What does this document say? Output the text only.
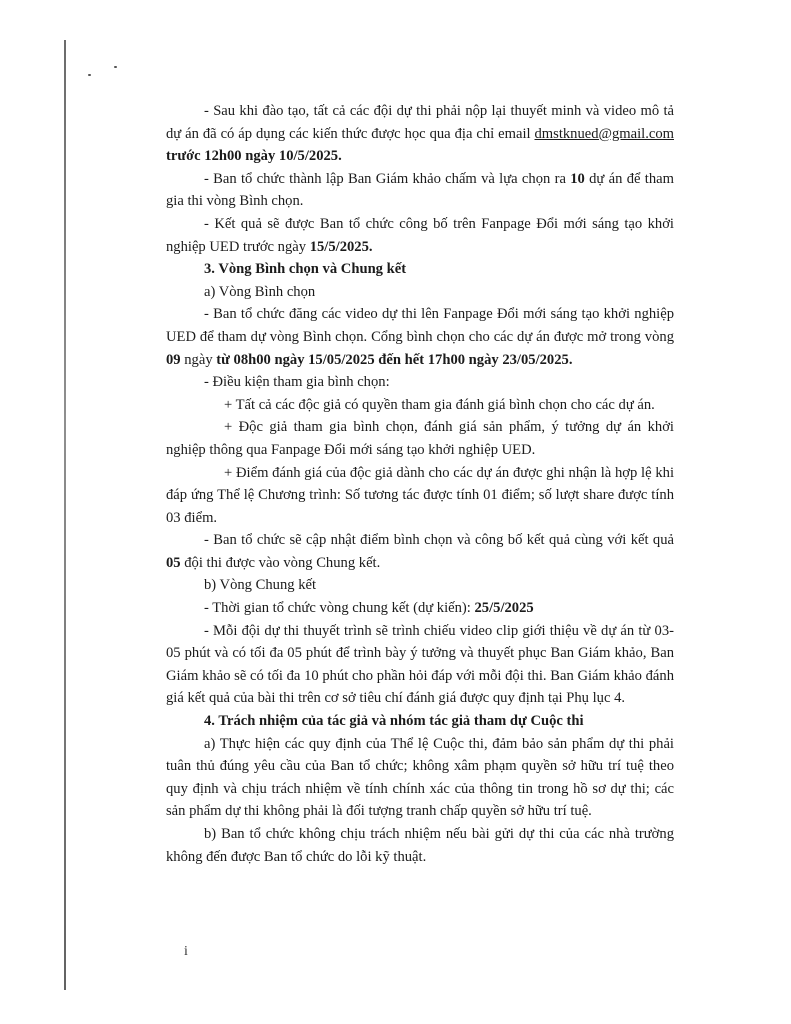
- Sau khi đào tạo, tất cả các đội dự thi phải nộp lại thuyết minh và video mô tả dự án đã có áp dụng các kiến thức được học qua địa chỉ email dmstknued@gmail.com trước 12h00 ngày 10/5/2025.

- Ban tổ chức thành lập Ban Giám khảo chấm và lựa chọn ra 10 dự án để tham gia thi vòng Bình chọn.

- Kết quả sẽ được Ban tổ chức công bố trên Fanpage Đổi mới sáng tạo khởi nghiệp UED trước ngày 15/5/2025.

3. Vòng Bình chọn và Chung kết

a) Vòng Bình chọn

- Ban tổ chức đăng các video dự thi lên Fanpage Đổi mới sáng tạo khởi nghiệp UED để tham dự vòng Bình chọn. Cổng bình chọn cho các dự án được mở trong vòng 09 ngày từ 08h00 ngày 15/05/2025 đến hết 17h00 ngày 23/05/2025.

- Điều kiện tham gia bình chọn:

+ Tất cả các độc giả có quyền tham gia đánh giá bình chọn cho các dự án.

+ Độc giả tham gia bình chọn, đánh giá sản phẩm, ý tưởng dự án khởi nghiệp thông qua Fanpage Đổi mới sáng tạo khởi nghiệp UED.

+ Điểm đánh giá của độc giả dành cho các dự án được ghi nhận là hợp lệ khi đáp ứng Thể lệ Chương trình: Số tương tác được tính 01 điểm; số lượt share được tính 03 điểm.

- Ban tổ chức sẽ cập nhật điểm bình chọn và công bố kết quả cùng với kết quả 05 đội thi được vào vòng Chung kết.

b) Vòng Chung kết

- Thời gian tổ chức vòng chung kết (dự kiến): 25/5/2025

- Mỗi đội dự thi thuyết trình sẽ trình chiếu video clip giới thiệu về dự án từ 03-05 phút và có tối đa 05 phút để trình bày ý tưởng và thuyết phục Ban Giám khảo, Ban Giám khảo sẽ có tối đa 10 phút cho phần hỏi đáp với mỗi đội thi. Ban Giám khảo đánh giá kết quả của bài thi trên cơ sở tiêu chí đánh giá được quy định tại Phụ lục 4.

4. Trách nhiệm của tác giả và nhóm tác giả tham dự Cuộc thi

a) Thực hiện các quy định của Thể lệ Cuộc thi, đảm bảo sản phẩm dự thi phải tuân thủ đúng yêu cầu của Ban tổ chức; không xâm phạm quyền sở hữu trí tuệ theo quy định và chịu trách nhiệm về tính chính xác của thông tin trong hồ sơ dự thi; các sản phẩm dự thi không phải là đối tượng tranh chấp quyền sở hữu trí tuệ.

b) Ban tổ chức không chịu trách nhiệm nếu bài gửi dự thi của các nhà trường không đến được Ban tổ chức do lỗi kỹ thuật.

i
